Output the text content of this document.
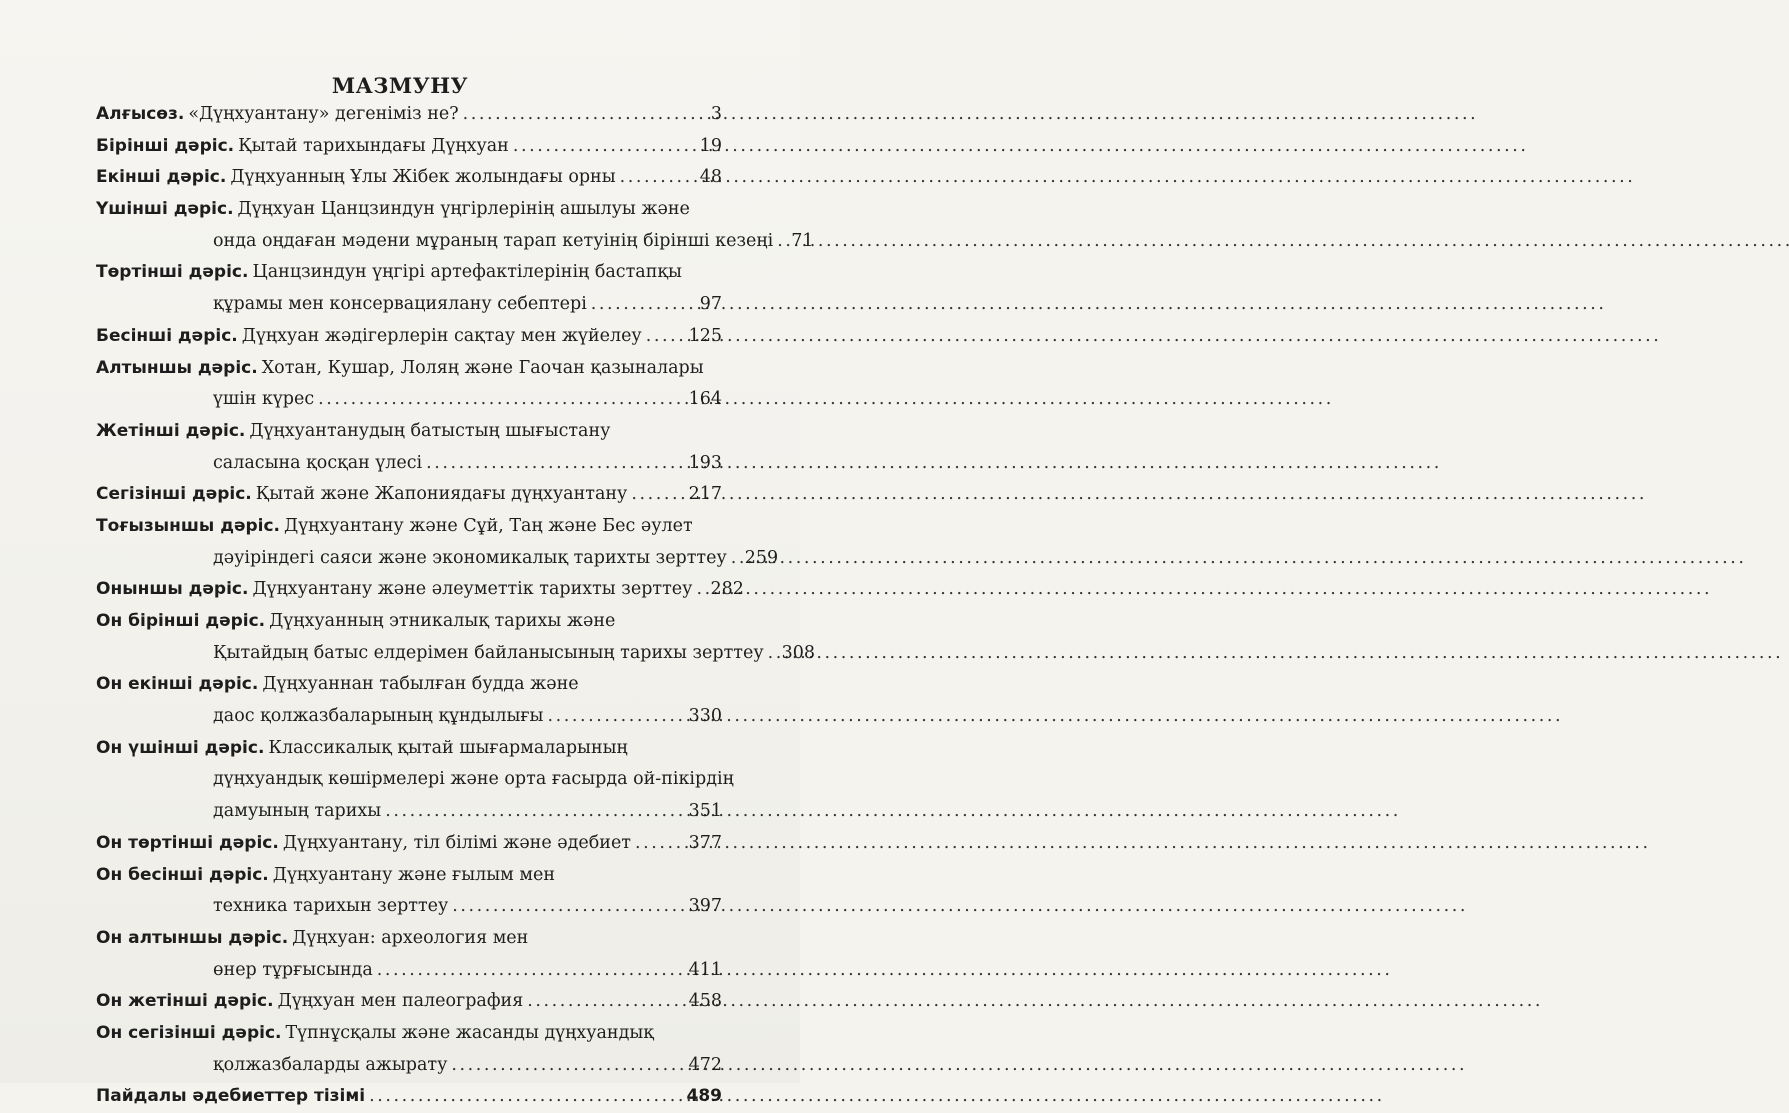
МАЗМУНУ
Алғысөз. «Дүңхуантану» дегеніміз не? . . .	3
Бірінші дәріс. Қытай тарихындағы Дүңхуан . . .	19
Екінші дәріс. Дүңхуанның Ұлы Жібек жолындағы орны . . .	48
Үшінші дәріс. Дүңхуан Цанцзиндун үңгірлерінің ашылуы және
онда оңдаған мәдени мұраның тарап кетуінің бірінші кезеңі . . . 71
Төртінші дәріс. Цанцзиндун үңгірі артефактілерінің бастапқы
құрамы мен консервациялану себептері . . .	97
Бесінші дәріс. Дүңхуан жәдігерлерін сақтау мен жүйелеу . . .	125
Алтыншы дәріс. Хотан, Кушар, Лоляң және Гаочан қазыналары
үшін күрес . . .	164
Жетінші дәріс. Дүңхуантанудың батыстың шығыстану
саласына қосқан үлесі . . .	193
Сегізінші дәріс. Қытай және Жапониядағы дүңхуантану . . .	217
Тоғызыншы дәріс. Дүңхуантану және Сұй, Таң және Бес әулет
дәуіріндегі саяси және экономикалық тарихты зерттеу . . . 259
Оныншы дәріс. Дүңхуантану және әлеуметтік тарихты зерттеу . . . 282
Он бірінші дәріс. Дүңхуанның этникалық тарихы және
Қытайдың батыс елдерімен байланысының тарихы зерттеу . . . 308
Он екінші дәріс. Дүңхуаннан табылған будда және
даос қолжазбаларының құндылығы . . .	330
Он үшінші дәріс. Классикалық қытай шығармаларының
дүңхуандық көшірмелері және орта ғасырда ой-пікірдің
дамуының тарихы . . .	351
Он төртінші дәріс. Дүңхуантану, тіл білімі және әдебиет . . .	377
Он бесінші дәріс. Дүңхуантану және ғылым мен
техника тарихын зерттеу . . .	397
Он алтыншы дәріс. Дүңхуан: археология мен
өнер тұрғысында . . .	411
Он жетінші дәріс. Дүңхуан мен палеография . . .	458
Он сегізінші дәріс. Түпнұсқалы және жасанды дүңхуандық
қолжазбаларды ажырату . . .	472
Пайдалы әдебиеттер тізімі . . .	489
